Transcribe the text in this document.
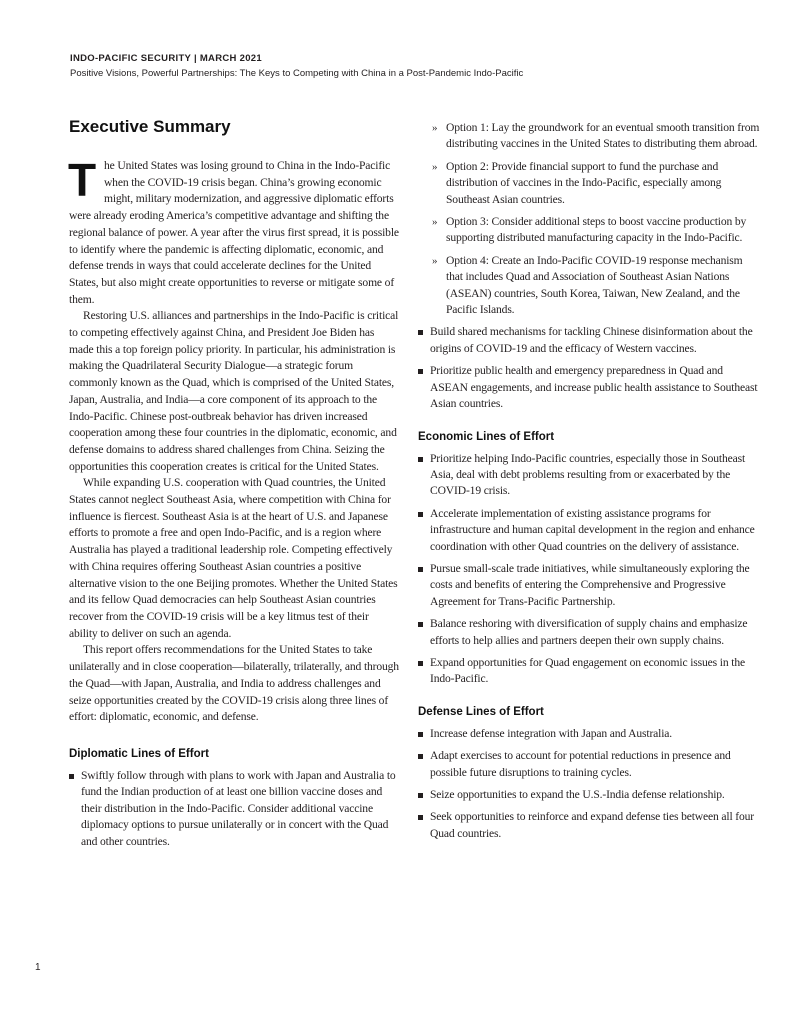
INDO-PACIFIC SECURITY | MARCH 2021
Positive Visions, Powerful Partnerships: The Keys to Competing with China in a Post-Pandemic Indo-Pacific
Executive Summary

The United States was losing ground to China in the Indo-Pacific when the COVID-19 crisis began. China’s growing economic might, military modernization, and aggressive diplomatic efforts were already eroding America’s competitive advantage and shifting the regional balance of power. A year after the virus first spread, it is possible to identify where the pandemic is affecting diplomatic, economic, and defense trends in ways that could accelerate declines for the United States, but also might create opportunities to reverse or mitigate some of them.

Restoring U.S. alliances and partnerships in the Indo-Pacific is critical to competing effectively against China, and President Joe Biden has made this a top foreign policy priority. In particular, his administration is making the Quadrilateral Security Dialogue—a strategic forum commonly known as the Quad, which is comprised of the United States, Japan, Australia, and India—a core component of its approach to the Indo-Pacific. Chinese post-outbreak behavior has driven increased cooperation among these four countries in the diplomatic, economic, and defense domains to address shared challenges from China. Seizing the opportunities this cooperation creates is critical for the United States.

While expanding U.S. cooperation with Quad countries, the United States cannot neglect Southeast Asia, where competition with China for influence is fiercest. Southeast Asia is at the heart of U.S. and Japanese efforts to promote a free and open Indo-Pacific, and is a region where Australia has played a traditional leadership role. Competing effectively with China requires offering Southeast Asian countries a positive alternative vision to the one Beijing promotes. Whether the United States and its fellow Quad democracies can help Southeast Asian countries recover from the COVID-19 crisis will be a key litmus test of their ability to deliver on such an agenda.

This report offers recommendations for the United States to take unilaterally and in close cooperation—bilaterally, trilaterally, and through the Quad—with Japan, Australia, and India to address challenges and seize opportunities created by the COVID-19 crisis along three lines of effort: diplomatic, economic, and defense.

Diplomatic Lines of Effort
Swiftly follow through with plans to work with Japan and Australia to fund the Indian production of at least one billion vaccine doses and their distribution in the Indo-Pacific. Consider additional vaccine diplomacy options to pursue unilaterally or in concert with the Quad and other countries.
» Option 1: Lay the groundwork for an eventual smooth transition from distributing vaccines in the United States to distributing them abroad.
» Option 2: Provide financial support to fund the purchase and distribution of vaccines in the Indo-Pacific, especially among Southeast Asian countries.
» Option 3: Consider additional steps to boost vaccine production by supporting distributed manufacturing capacity in the Indo-Pacific.
» Option 4: Create an Indo-Pacific COVID-19 response mechanism that includes Quad and Association of Southeast Asian Nations (ASEAN) countries, South Korea, Taiwan, New Zealand, and the Pacific Islands.
Build shared mechanisms for tackling Chinese disinformation about the origins of COVID-19 and the efficacy of Western vaccines.
Prioritize public health and emergency preparedness in Quad and ASEAN engagements, and increase public health assistance to Southeast Asian countries.
Economic Lines of Effort
Prioritize helping Indo-Pacific countries, especially those in Southeast Asia, deal with debt problems resulting from or exacerbated by the COVID-19 crisis.
Accelerate implementation of existing assistance programs for infrastructure and human capital development in the region and enhance coordination with other Quad countries on the delivery of assistance.
Pursue small-scale trade initiatives, while simultaneously exploring the costs and benefits of entering the Comprehensive and Progressive Agreement for Trans-Pacific Partnership.
Balance reshoring with diversification of supply chains and emphasize efforts to help allies and partners deepen their own supply chains.
Expand opportunities for Quad engagement on economic issues in the Indo-Pacific.
Defense Lines of Effort
Increase defense integration with Japan and Australia.
Adapt exercises to account for potential reductions in presence and possible future disruptions to training cycles.
Seize opportunities to expand the U.S.-India defense relationship.
Seek opportunities to reinforce and expand defense ties between all four Quad countries.
1
